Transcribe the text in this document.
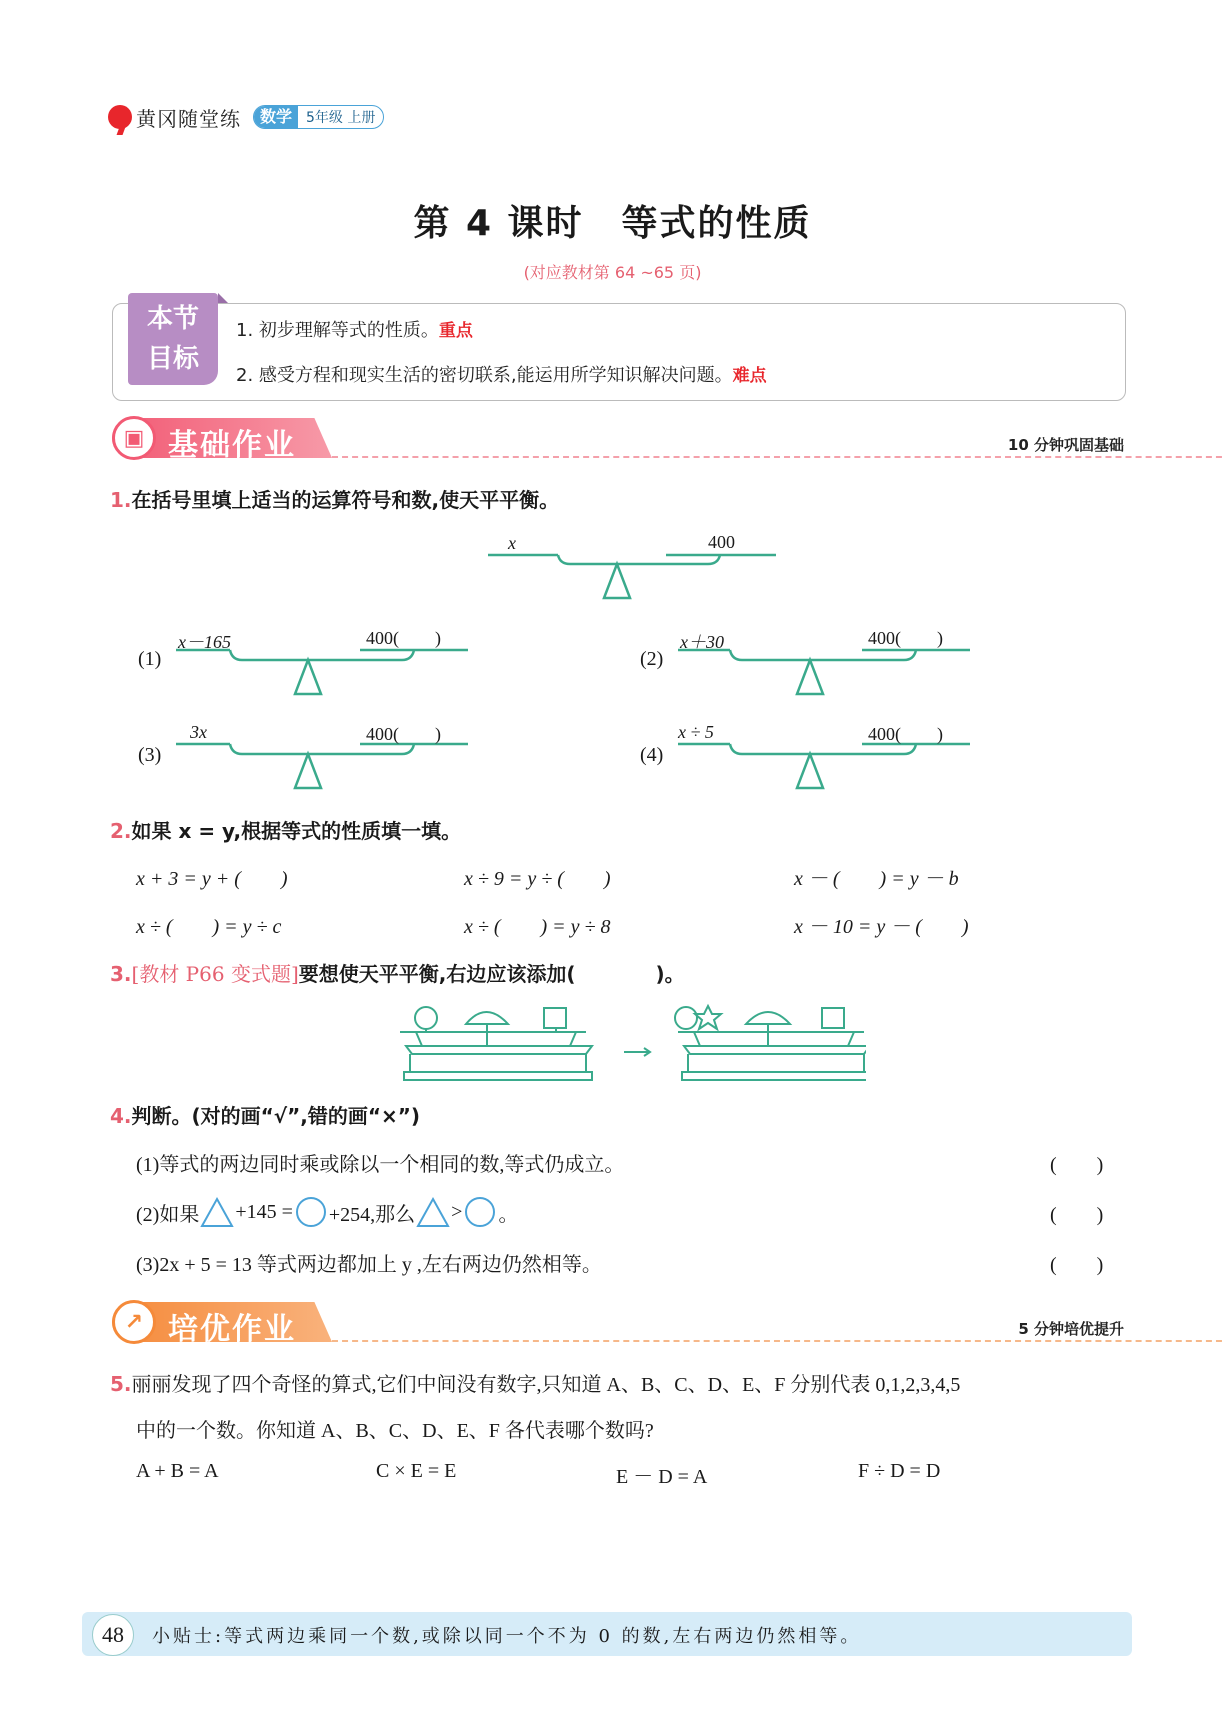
黄冈随堂练	数学	5年级 上册
第 4 课时　等式的性质
(对应教材第 64 ~65 页)
本节
目标
1. 初步理解等式的性质。重点
2. 感受方程和现实生活的密切联系,能运用所学知识解决问题。难点
▣ 基础作业	10 分钟巩固基础
1.在括号里填上适当的运算符号和数,使天平平衡。
x	400
(1)
x－165	400(　　)
(2)
x＋30	400(　　)
(3)
3x	400(　　)
(4)
x ÷ 5	400(　　)
2.如果 x = y,根据等式的性质填一填。
x + 3 = y + (　　)	x ÷ 9 = y ÷ (　　)	x － (　　) = y － b
x ÷ (　　) = y ÷ c	x ÷ (　　) = y ÷ 8	x － 10 = y － (　　)
3.[教材 P66 变式题]要想使天平平衡,右边应该添加(　　　　)。
4.判断。(对的画“√”,错的画“×”)
(1)等式的两边同时乘或除以一个相同的数,等式仍成立。	(　　)
(2)如果 +145 = +254,那么 > 。	(　　)
(3)2x + 5 = 13 等式两边都加上 y ,左右两边仍然相等。	(　　)
↗ 培优作业	5 分钟培优提升
5.丽丽发现了四个奇怪的算式,它们中间没有数字,只知道 A、B、C、D、E、F 分别代表 0,1,2,3,4,5
中的一个数。你知道 A、B、C、D、E、F 各代表哪个数吗?
A + B = A	C × E = E	E － D = A	F ÷ D = D
48	小贴士:等式两边乘同一个数,或除以同一个不为 0 的数,左右两边仍然相等。
